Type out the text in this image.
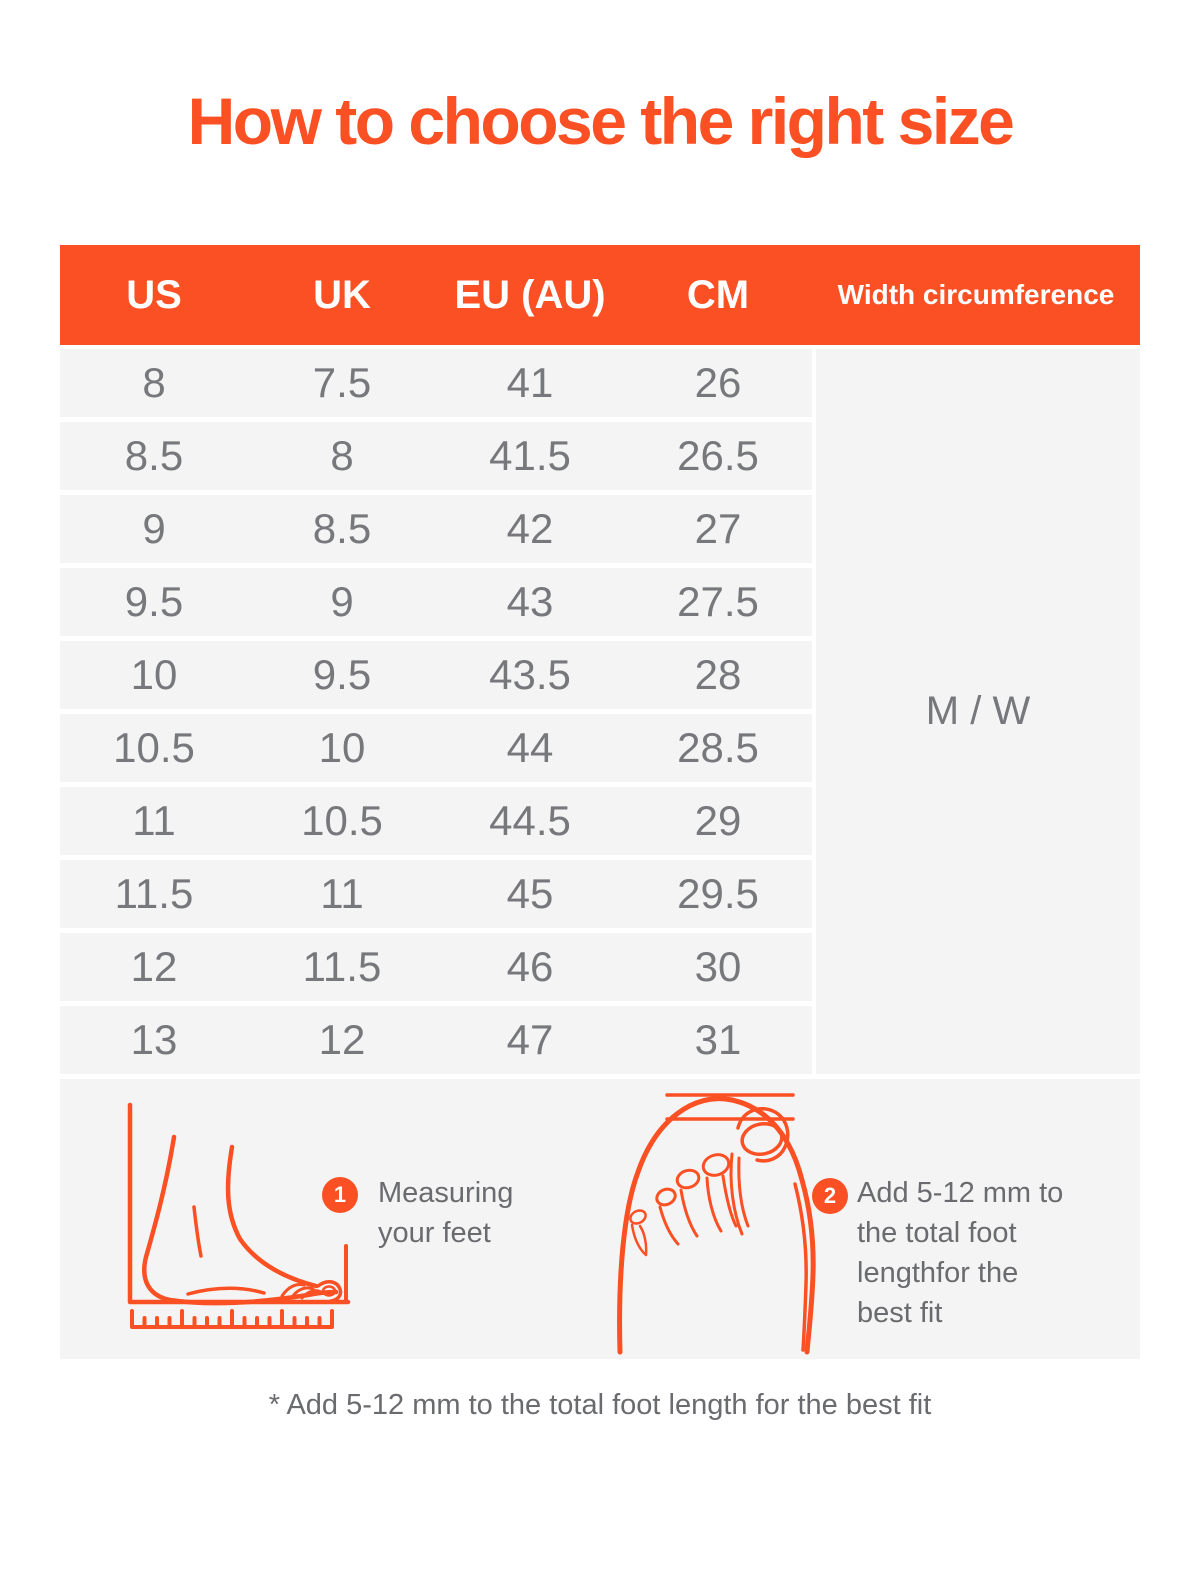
How to choose the right size
US	UK	EU (AU)	CM	Width circumference
8	7.5	41	26
8.5	8	41.5	26.5
9	8.5	42	27
9.5	9	43	27.5
10	9.5	43.5	28
10.5	10	44	28.5
11	10.5	44.5	29
11.5	11	45	29.5
12	11.5	46	30
13	12	47	31
M / W
1	Measuring
your feet
2 Add 5-12 mm to
the total foot
lengthfor the
best fit

* Add 5-12 mm to the total foot length for the best fit
